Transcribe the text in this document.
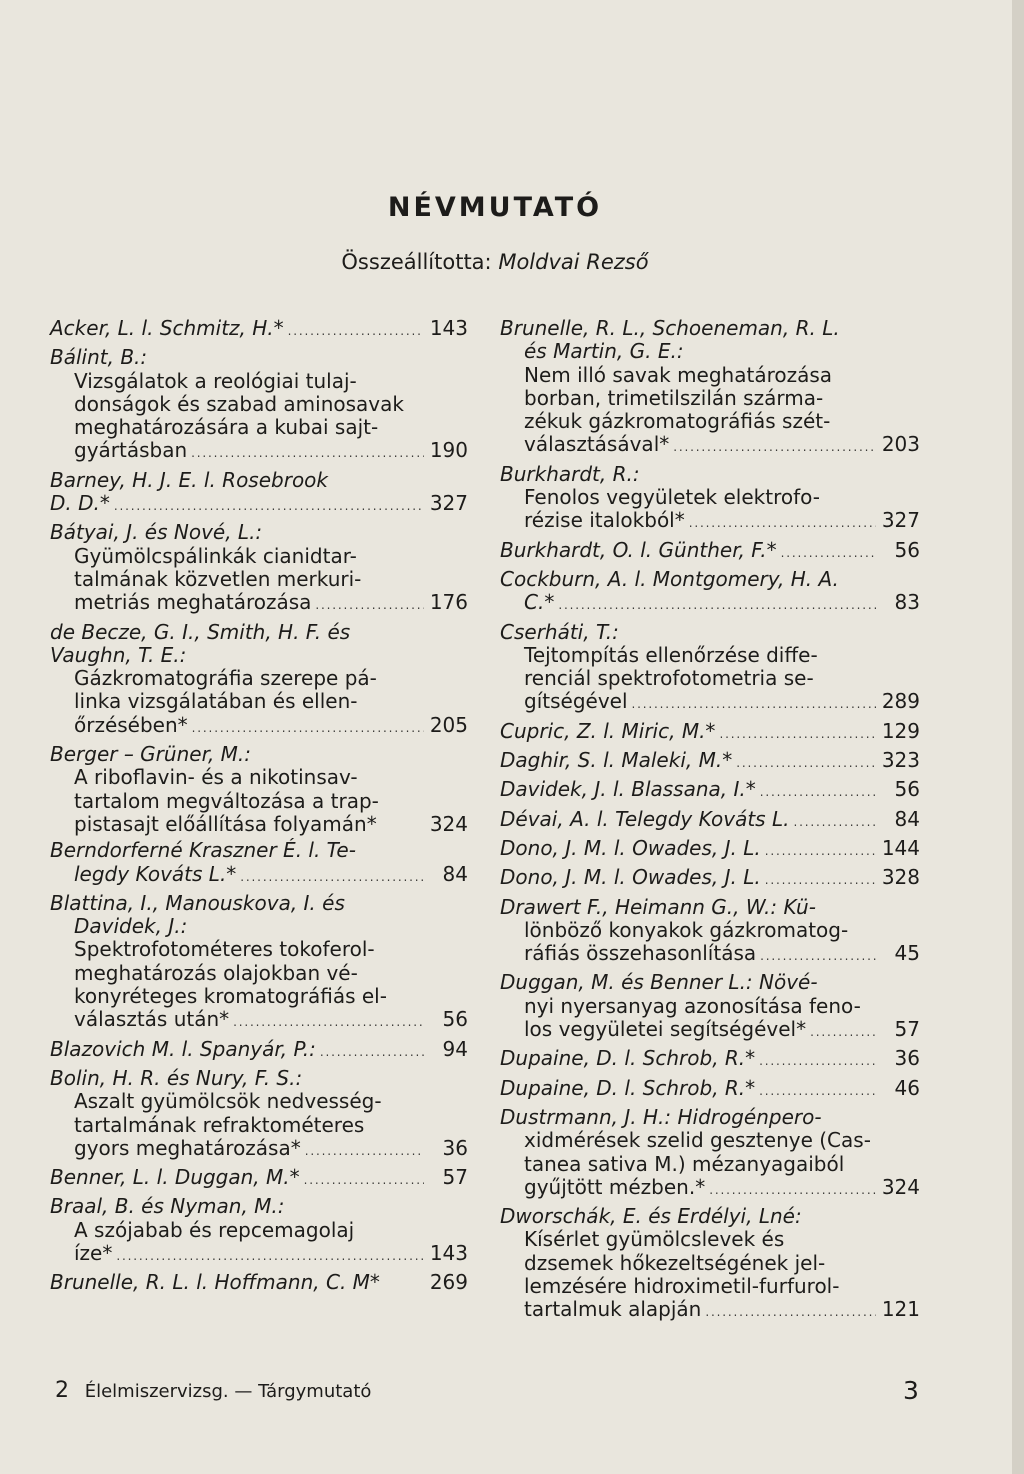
NÉVMUTATÓ
Összeállította: Moldvai Rezső
Acker, L. l. Schmitz, H.* . . .	143
Bálint, B.:
Vizsgálatok a reológiai tulaj-
donságok és szabad aminosavak
meghatározására a kubai sajt-
gyártásban . . .	190
Barney, H. J. E. l. Rosebrook
D. D.* . . .	327
Bátyai, J. és Nové, L.:
Gyümölcspálinkák cianidtar-
talmának közvetlen merkuri-
metriás meghatározása . . .	176
de Becze, G. I., Smith, H. F. és
Vaughn, T. E.:
Gázkromatográfia szerepe pá-
linka vizsgálatában és ellen-
őrzésében* . . .	205
Berger – Grüner, M.:
A riboflavin- és a nikotinsav-
tartalom megváltozása a trap-
pistasajt előállítása folyamán*	324
Berndorferné Kraszner É. l. Te-
legdy Kováts L.* . . .	84
Blattina, I., Manouskova, I. és
Davidek, J.:
Spektrofotométeres tokoferol-
meghatározás olajokban vé-
konyréteges kromatográfiás el-
választás után* . . .	56
Blazovich M. l. Spanyár, P.: . . .	94
Bolin, H. R. és Nury, F. S.:
Aszalt gyümölcsök nedvesség-
tartalmának refraktométeres
gyors meghatározása* . . .	36
Benner, L. l. Duggan, M.* . . .	57
Braal, B. és Nyman, M.:
A szójabab és repcemagolaj
íze* . . .	143
Brunelle, R. L. l. Hoffmann, C. M* 269
Brunelle, R. L., Schoeneman, R. L.
és Martin, G. E.:
Nem illó savak meghatározása
borban, trimetilszilán szárma-
zékuk gázkromatográfiás szét-
választásával* . . .	203
Burkhardt, R.:
Fenolos vegyületek elektrofo-
rézise italokból* . . .	327
Burkhardt, O. l. Günther, F.* . . .	56
Cockburn, A. l. Montgomery, H. A.
C.* . . .	83
Cserháti, T.:
Tejtompítás ellenőrzése diffe-
renciál spektrofotometria se-
gítségével . . .	289
Cupric, Z. l. Miric, M.* . . .	129
Daghir, S. l. Maleki, M.* . . .	323
Davidek, J. l. Blassana, I.* . . .	56
Dévai, A. l. Telegdy Kováts L. . . .	84
Dono, J. M. l. Owades, J. L. . . .	144
Dono, J. M. l. Owades, J. L. . . .	328
Drawert F., Heimann G., W.: Kü-
lönböző konyakok gázkromatog-
ráfiás összehasonlítása . . .	45
Duggan, M. és Benner L.: Növé-
nyi nyersanyag azonosítása feno-
los vegyületei segítségével* . . .	57
Dupaine, D. l. Schrob, R.* . . .	36
Dupaine, D. l. Schrob, R.* . . .	46
Dustrmann, J. H.: Hidrogénpero-
xidmérések szelid gesztenye (Cas-
tanea sativa M.) mézanyagaiból
gyűjtött mézben.* . . .	324
Dworschák, E. és Erdélyi, Lné:
Kísérlet gyümölcslevek és
dzsemek hőkezeltségének jel-
lemzésére hidroximetil-furfurol-
tartalmuk alapján . . .	121
2 Élelmiszervizsg. — Tárgymutató	3
